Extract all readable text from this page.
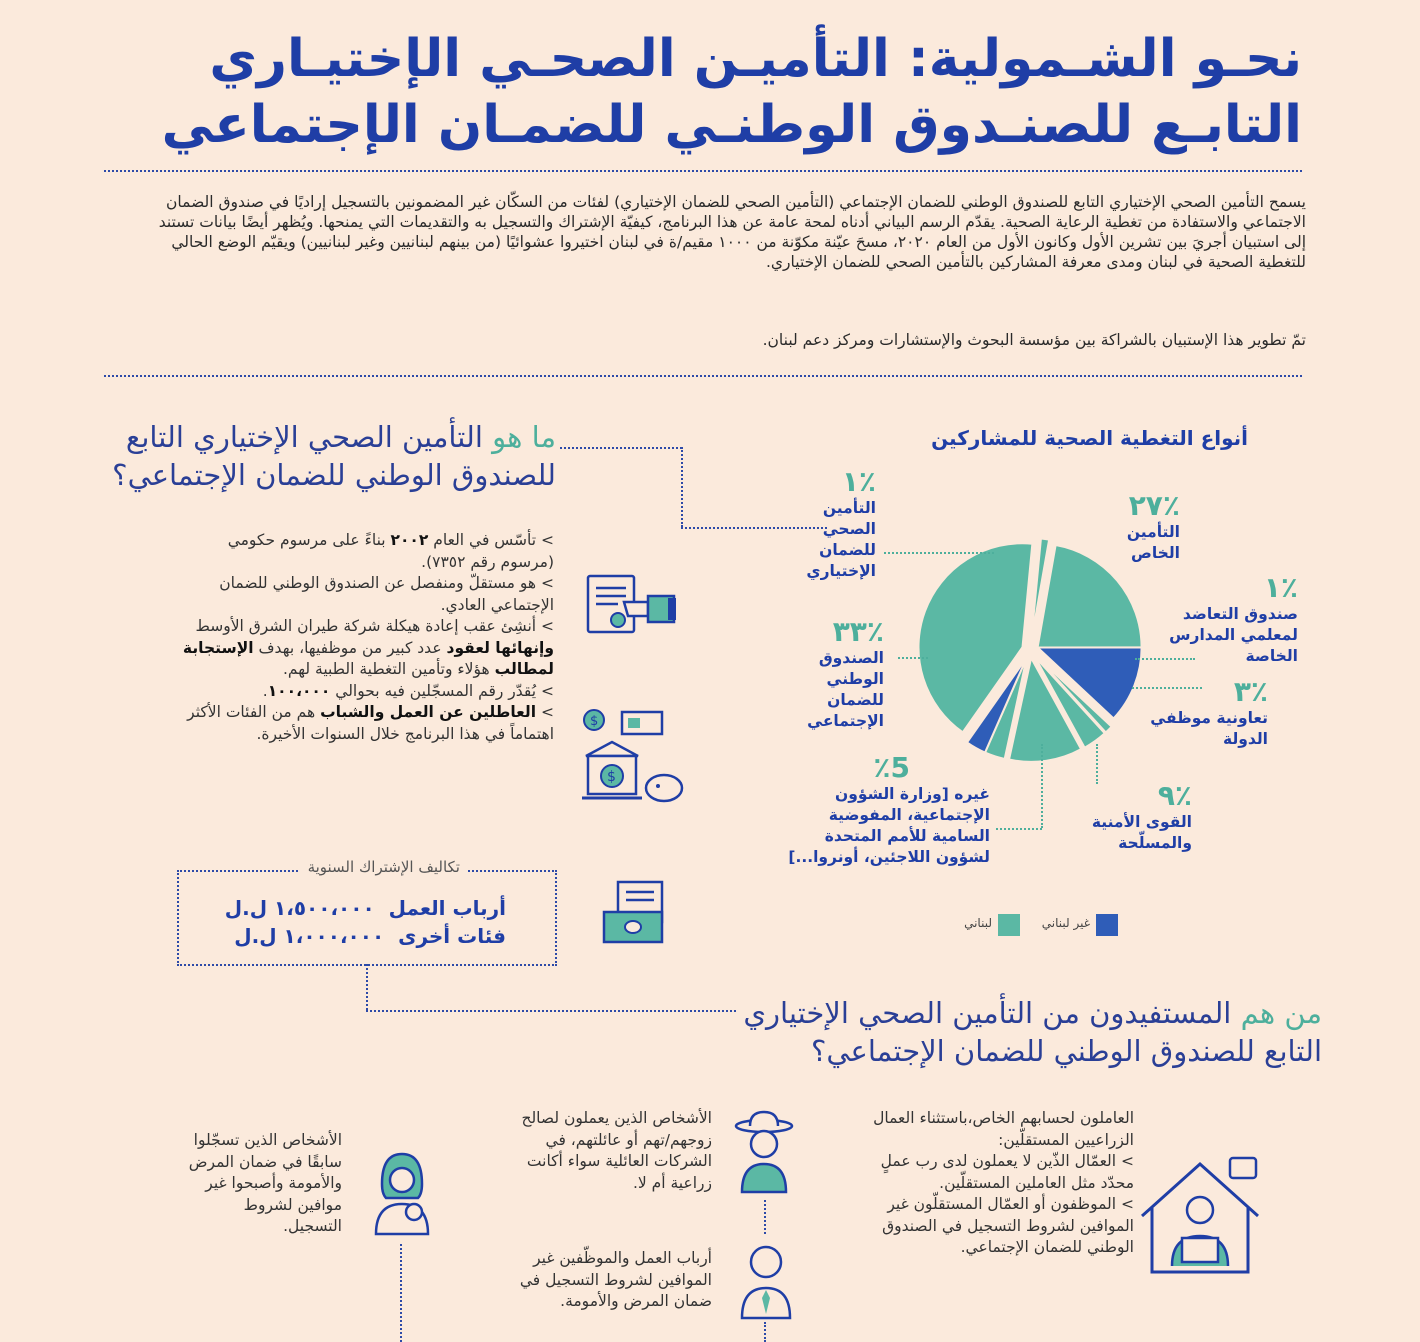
نحـو الشـمولية: التأميـن الصحـي الإختيـاري
التابـع للصنـدوق الوطنـي للضمـان الإجتماعي
يسمح التأمين الصحي الإختياري التابع للصندوق الوطني للضمان الإجتماعي (التأمين الصحي للضمان الإختياري) لفئات من السكّان غير المضمونين بالتسجيل إراديًا في صندوق الضمان الاجتماعي والاستفادة من تغطية الرعاية الصحية. يقدّم الرسم البياني أدناه لمحة عامة عن هذا البرنامج، كيفيّة الإشتراك والتسجيل به والتقديمات التي يمنحها. ويُظهر أيضًا بيانات تستند إلى استبيان أجريَ بين تشرين الأول وكانون الأول من العام ٢٠٢٠، مسحَ عيّنة مكوّنة من ١٠٠٠ مقيم/ة في لبنان اختيروا عشوائيًا (من بينهم لبنانيين وغير لبنانيين) ويقيّم الوضع الحالي للتغطية الصحية في لبنان ومدى معرفة المشاركين بالتأمين الصحي للضمان الإختياري.
تمّ تطوير هذا الإستبيان بالشراكة بين مؤسسة البحوث والإستشارات ومركز دعم لبنان.
ما هو التأمين الصحي الإختياري التابع
للصندوق الوطني للضمان الإجتماعي؟
> تأسّس في العام ٢٠٠٢ بناءً على مرسوم حكومي (مرسوم رقم ٧٣٥٢).
> هو مستقلّ ومنفصل عن الصندوق الوطني للضمان الإجتماعي العادي.
> أنشِئ عقب إعادة هيكلة شركة طيران الشرق الأوسط وإنهائها لعقود عدد كبير من موظفيها، بهدف الإستجابة لمطالب هؤلاء وتأمين التغطية الطبية لهم.
> يُقدّر رقم المسجّلين فيه بحوالي ١٠٠،٠٠٠.
> العاطلين عن العمل والشباب هم من الفئات الأكثر اهتماماً في هذا البرنامج خلال السنوات الأخيرة.
$
$
تكاليف الإشتراك السنوية
أرباب العمل  ١،٥٠٠،٠٠٠ ل.ل
فئات أخرى  ١،٠٠٠،٠٠٠ ل.ل
أنواع التغطية الصحية للمشاركين
٪٢٧
التأمين
الخاص
٪١
صندوق التعاضد
لمعلمي المدارس
الخاصة
٪٣
تعاونية موظفي
الدولة
٪٩
القوى الأمنية
والمسلّحة
٪5
غيره [وزارة الشؤون
الإجتماعية، المفوضية
السامية للأمم المتحدة
لشؤون اللاجئين، أونروا...]
٪٣٣
الصندوق
الوطني
للضمان
الإجتماعي
٪١
التأمين
الصحي
للضمان
الإختياري
غير لبناني
لبناني
من هم المستفيدون من التأمين الصحي الإختياري
التابع للصندوق الوطني للضمان الإجتماعي؟
العاملون لحسابهم الخاص،باستثناء العمال الزراعيين المستقلّين:
> العمّال الذّين لا يعملون لدى رب عملٍ محدّد مثل العاملين المستقلّين.
> الموظفون أو العمّال المستقلّون غير الموافين لشروط التسجيل في الصندوق الوطني للضمان الإجتماعي.
الأشخاص الذين يعملون لصالح زوجهم/تهم أو عائلتهم، في الشركات العائلية سواء أكانت زراعية أم لا.
أرباب العمل والموظّفين غير الموافين لشروط التسجيل في ضمان المرض والأمومة.
الأشخاص الذين تسجّلوا سابقًا في ضمان المرض والأمومة وأصبحوا غير موافين لشروط التسجيل.
